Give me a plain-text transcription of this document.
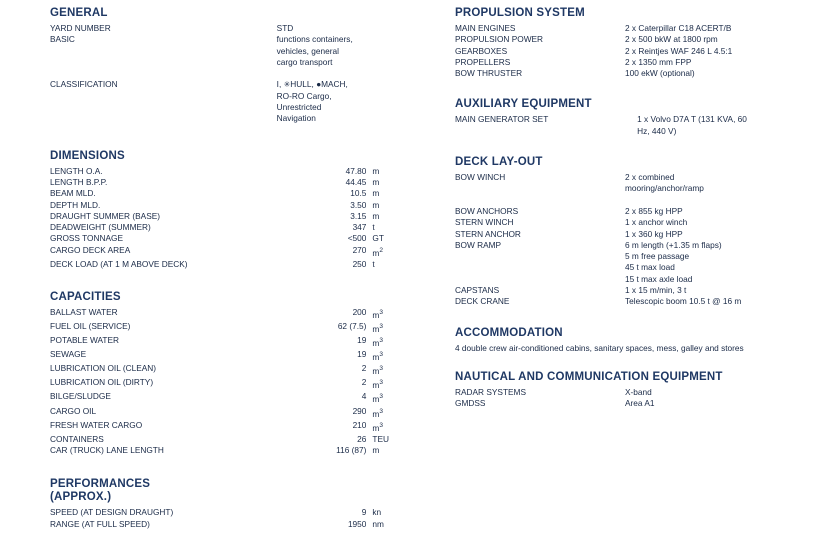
GENERAL
YARD NUMBER	STD
BASIC	functions containers,
vehicles, general
cargo transport

CLASSIFICATION	I, ✳HULL, ●MACH,
RO-RO Cargo,
Unrestricted
Navigation
DIMENSIONS
LENGTH O.A.	47.80	m
LENGTH B.P.P.	44.45	m
BEAM MLD.	10.5	m
DEPTH MLD.	3.50	m
DRAUGHT SUMMER (BASE)	3.15	m
DEADWEIGHT (SUMMER)	347	t
GROSS TONNAGE	<500	GT
CARGO DECK AREA	270	$m^2$
DECK LOAD (AT 1 M ABOVE DECK)	250	t
CAPACITIES
BALLAST WATER	200	$m^3$
FUEL OIL (SERVICE)	62 (7.5)	$m^3$
POTABLE WATER	19	$m^3$
SEWAGE	19	$m^3$
LUBRICATION OIL (CLEAN)	2	$m^3$
LUBRICATION OIL (DIRTY)	2	$m^3$
BILGE/SLUDGE	4	$m^3$
CARGO OIL	290	$m^3$
FRESH WATER CARGO	210	$m^3$
CONTAINERS	26	TEU
CAR (TRUCK) LANE LENGTH	116 (87)	m
PERFORMANCES
(APPROX.)
SPEED (AT DESIGN DRAUGHT)	9	kn
RANGE (AT FULL SPEED)	1950	nm
PROPULSION SYSTEM
MAIN ENGINES	2 x Caterpillar C18 ACERT/B
PROPULSION POWER	2 x 500 bkW at 1800 rpm
GEARBOXES	2 x Reintjes WAF 246 L 4.5:1
PROPELLERS	2 x 1350 mm FPP
BOW THRUSTER	100 ekW (optional)
AUXILIARY EQUIPMENT
MAIN GENERATOR SET	1 x Volvo D7A T (131 KVA, 60
Hz, 440 V)
DECK LAY-OUT
BOW WINCH	2 x combined
mooring/anchor/ramp

BOW ANCHORS	2 x 855 kg HPP
STERN WINCH	1 x anchor winch
STERN ANCHOR	1 x 360 kg HPP
BOW RAMP	6 m length (+1.35 m flaps)
5 m free passage
45 t max load
15 t max axle load
CAPSTANS	1 x 15 m/min, 3 t
DECK CRANE	Telescopic boom 10.5 t @ 16 m
ACCOMMODATION
4 double crew air-conditioned cabins, sanitary spaces, mess, galley and stores
NAUTICAL AND COMMUNICATION EQUIPMENT
RADAR SYSTEMS	X-band
GMDSS	Area A1
